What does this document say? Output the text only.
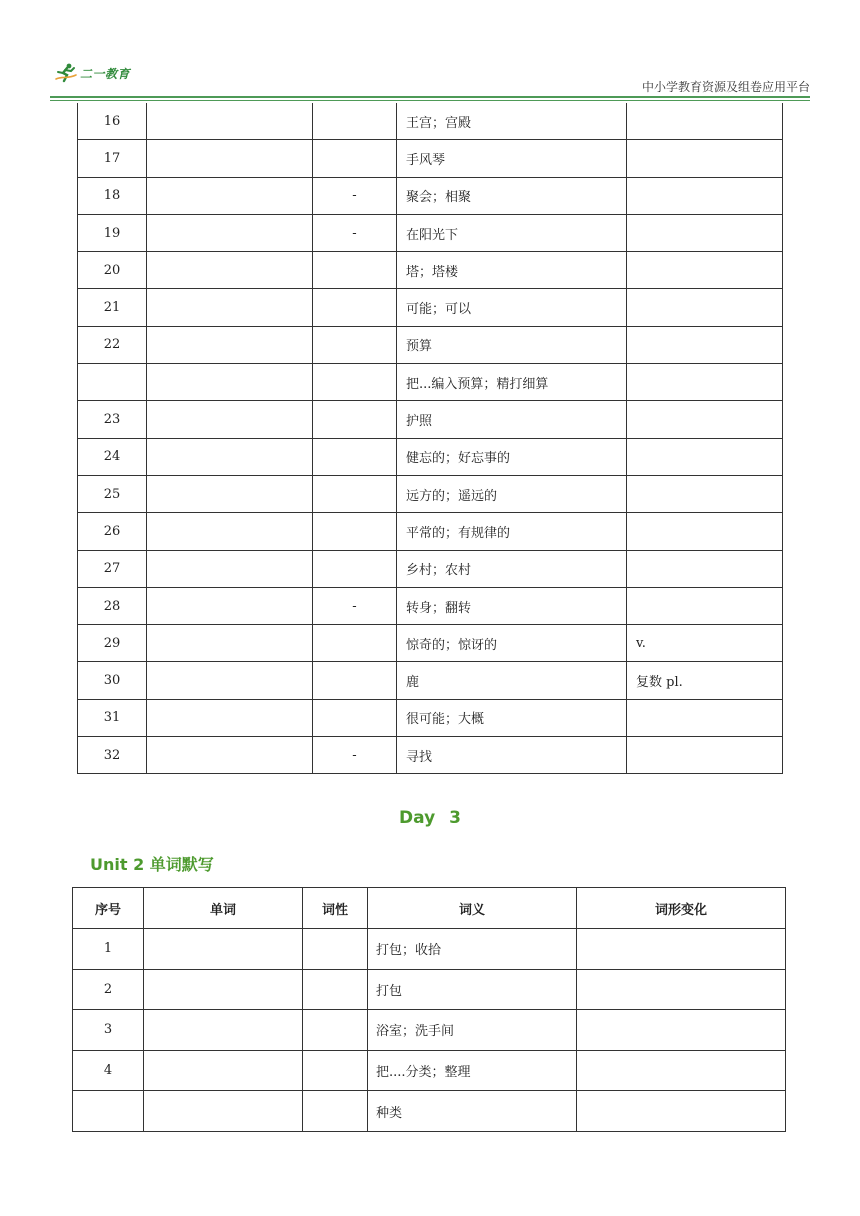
二一教育
中小学教育资源及组卷应用平台
16			王宫；宫殿	
17			手风琴	
18		-	聚会；相聚	
19		-	在阳光下	
20			塔；塔楼	
21			可能；可以	
22			预算	
			把...编入预算；精打细算	
23			护照	
24			健忘的；好忘事的	
25			远方的；遥远的	
26			平常的；有规律的	
27			乡村；农村	
28		-	转身；翻转	
29			惊奇的；惊讶的	v.
30			鹿	复数 pl.
31			很可能；大概	
32		-	寻找	
Day 3
Unit 2 单词默写
序号	单词	词性	词义	词形变化
1			打包；收拾	
2			打包	
3			浴室；洗手间	
4			把....分类；整理	
			种类	
